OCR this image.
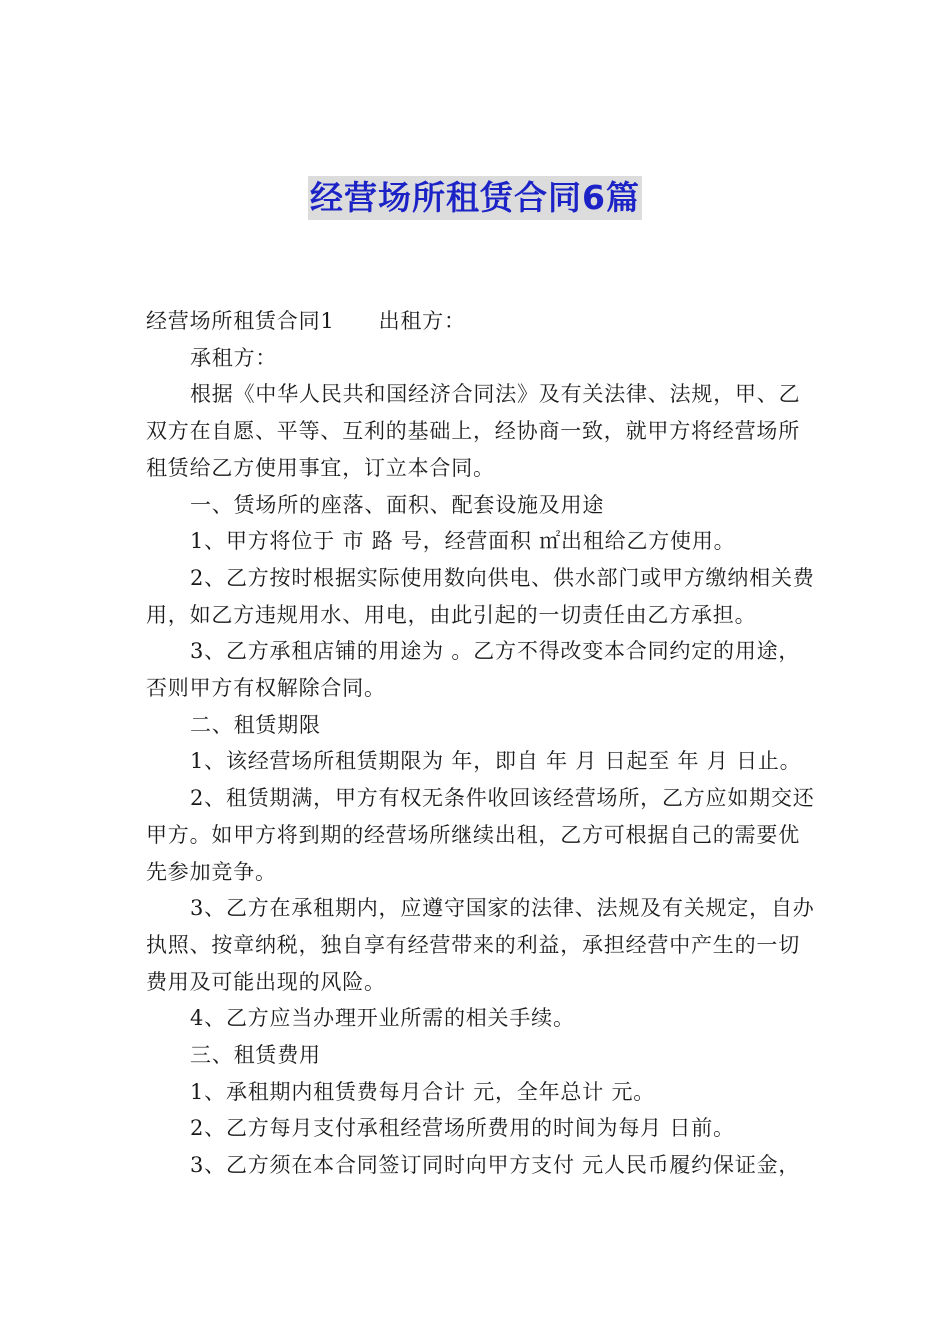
经营场所租赁合同6篇

经营场所租赁合同1 出租方：

承租方：

根据《中华人民共和国经济合同法》及有关法律、法规，甲、乙双方在自愿、平等、互利的基础上，经协商一致，就甲方将经营场所租赁给乙方使用事宜，订立本合同。

一、赁场所的座落、面积、配套设施及用途

1、甲方将位于 市 路 号，经营面积 ㎡出租给乙方使用。

2、乙方按时根据实际使用数向供电、供水部门或甲方缴纳相关费用，如乙方违规用水、用电，由此引起的一切责任由乙方承担。

3、乙方承租店铺的用途为 。乙方不得改变本合同约定的用途，否则甲方有权解除合同。

二、租赁期限

1、该经营场所租赁期限为 年，即自 年 月 日起至 年 月 日止。

2、租赁期满，甲方有权无条件收回该经营场所，乙方应如期交还甲方。如甲方将到期的经营场所继续出租，乙方可根据自己的需要优先参加竞争。

3、乙方在承租期内，应遵守国家的法律、法规及有关规定，自办执照、按章纳税，独自享有经营带来的利益，承担经营中产生的一切费用及可能出现的风险。

4、乙方应当办理开业所需的相关手续。

三、租赁费用

1、承租期内租赁费每月合计 元，全年总计 元。

2、乙方每月支付承租经营场所费用的时间为每月 日前。

3、乙方须在本合同签订同时向甲方支付 元人民币履约保证金，
